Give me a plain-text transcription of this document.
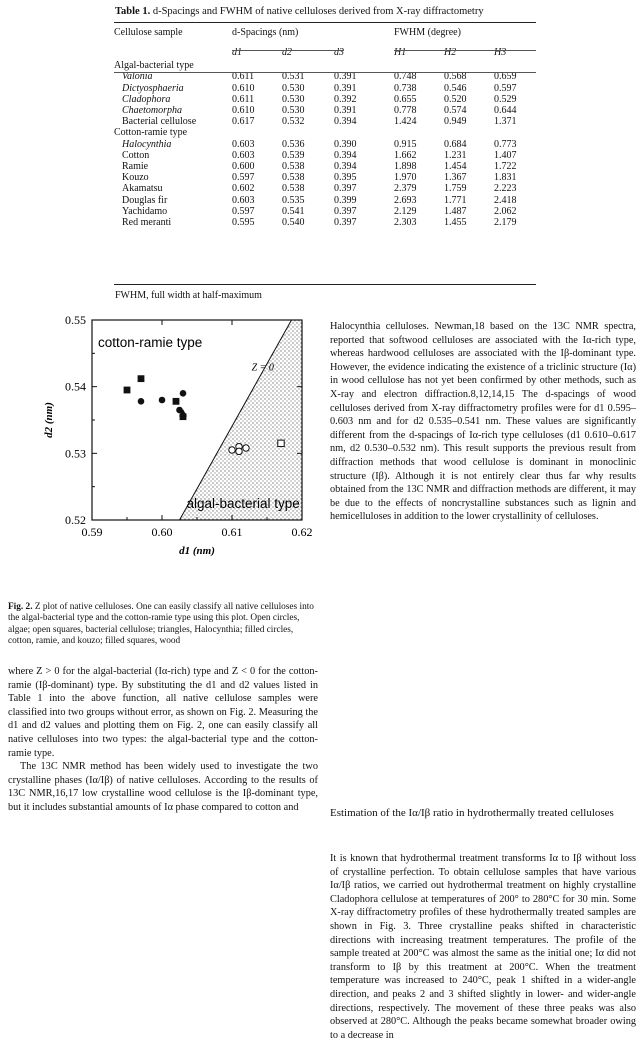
Table 1. d-Spacings and FWHM of native celluloses derived from X-ray diffractometry
Cellulose sample	d-Spacings (nm)			FWHM (degree)		
	d1	d2	d3	H1	H2	H3
Algal-bacterial type						
Valonia	0.611	0.531	0.391	0.748	0.568	0.659
Dictyosphaeria	0.610	0.530	0.391	0.738	0.546	0.597
Cladophora	0.611	0.530	0.392	0.655	0.520	0.529
Chaetomorpha	0.610	0.530	0.391	0.778	0.574	0.644
Bacterial cellulose	0.617	0.532	0.394	1.424	0.949	1.371
Cotton-ramie type						
Halocynthia	0.603	0.536	0.390	0.915	0.684	0.773
Cotton	0.603	0.539	0.394	1.662	1.231	1.407
Ramie	0.600	0.538	0.394	1.898	1.454	1.722
Kouzo	0.597	0.538	0.395	1.970	1.367	1.831
Akamatsu	0.602	0.538	0.397	2.379	1.759	2.223
Douglas fir	0.603	0.535	0.399	2.693	1.771	2.418
Yachidamo	0.597	0.541	0.397	2.129	1.487	2.062
Red meranti	0.595	0.540	0.397	2.303	1.455	2.179
FWHM, full width at half-maximum
0.59	0.60	0.61	0.62
0.52
0.53
0.54
0.55
d1 (nm)
d2 (nm)
cotton-ramie type
algal-bacterial type
Z = 0
Fig. 2. Z plot of native celluloses. One can easily classify all native celluloses into the algal-bacterial type and the cotton-ramie type using this plot. Open circles, algae; open squares, bacterial cellulose; triangles, Halocynthia; filled circles, cotton, ramie, and kouzo; filled squares, wood

where Z > 0 for the algal-bacterial (Iα-rich) type and Z < 0 for the cotton-ramie (Iβ-dominant) type. By substituting the d1 and d2 values listed in Table 1 into the above function, all native cellulose samples were classified into two groups without error, as shown on Fig. 2. Measuring the d1 and d2 values and plotting them on Fig. 2, one can easily classify all native celluloses into two types: the algal-bacterial type and the cotton-ramie type.

The 13C NMR method has been widely used to investigate the two crystalline phases (Iα/Iβ) of native celluloses. According to the results of 13C NMR,16,17 low crystalline wood cellulose is the Iβ-dominant type, but it includes substantial amounts of Iα phase compared to cotton and

Halocynthia celluloses. Newman,18 based on the 13C NMR spectra, reported that softwood celluloses are associated with the Iα-rich type, whereas hardwood celluloses are associated with the Iβ-dominant type. However, the evidence indicating the existence of a triclinic structure (Iα) in wood cellulose has not yet been confirmed by other methods, such as X-ray and electron diffraction.8,12,14,15 The d-spacings of wood celluloses derived from X-ray diffractometry profiles were for d1 0.595–0.603 nm and for d2 0.535–0.541 nm. These values are significantly different from the d-spacings of Iα-rich type celluloses (d1 0.610–0.617 nm, d2 0.530–0.532 nm). This result supports the previous result from diffraction methods that wood cellulose is dominant in monoclinic structure (Iβ). Although it is not entirely clear thus far why results obtained from the 13C NMR and diffraction methods are different, it may be due to the effects of noncrystalline substances such as lignin and hemicelluloses in addition to the lower crystallinity of celluloses.

Estimation of the Iα/Iβ ratio in hydrothermally treated celluloses

It is known that hydrothermal treatment transforms Iα to Iβ without loss of crystalline perfection. To obtain cellulose samples that have various Iα/Iβ ratios, we carried out hydrothermal treatment on highly crystalline Cladophora cellulose at temperatures of 200° to 280°C for 30 min. Some X-ray diffractometry profiles of these hydrothermally treated samples are shown in Fig. 3. Three crystalline peaks shifted in characteristic directions with increasing treatment temperatures. The profile of the sample treated at 200°C was almost the same as the initial one; Iα did not transform to Iβ by this treatment at 200°C. When the treatment temperature was increased to 240°C, peak 1 shifted in a wider-angle direction, and peaks 2 and 3 shifted slightly in lower- and wider-angle directions, respectively. The movement of these three peaks was also observed at 280°C. Although the peaks became somewhat broader owing to a decrease in
